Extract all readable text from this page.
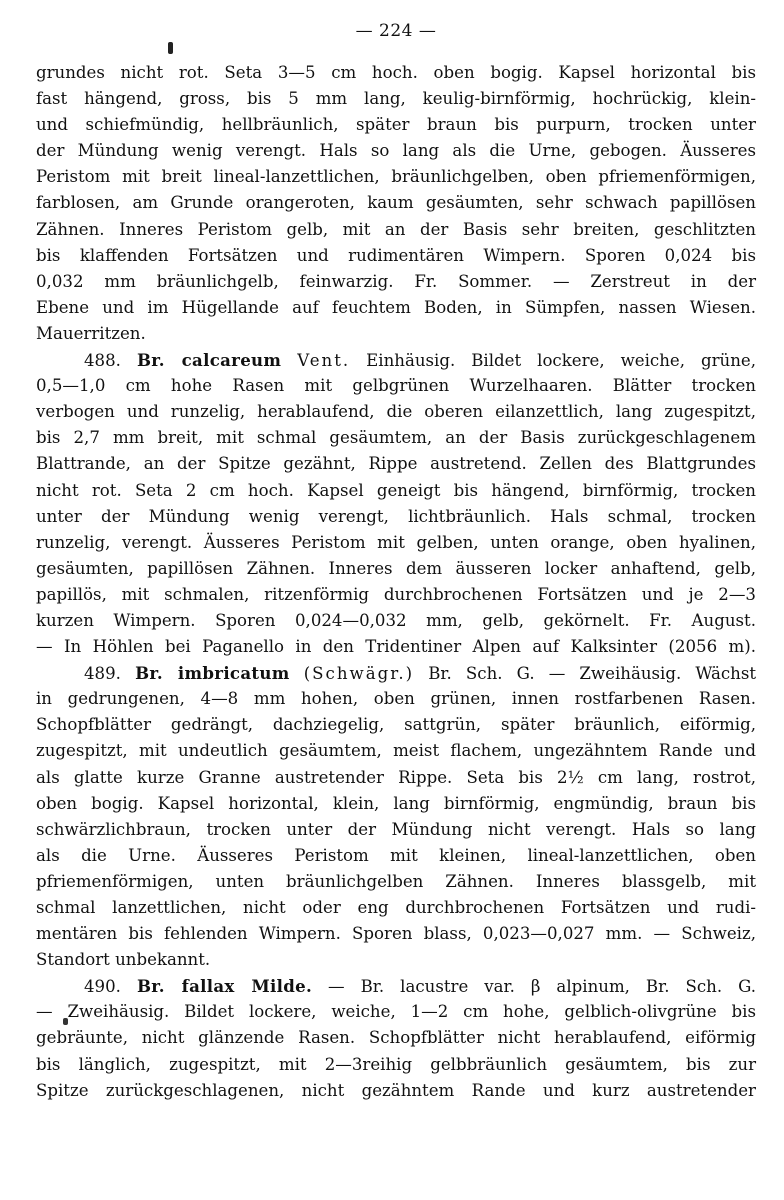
— 224 —
grundes nicht rot. Seta 3—5 cm hoch. oben bogig. Kapsel horizontal bis
fast hängend, gross, bis 5 mm lang, keulig-birnförmig, hochrückig, klein-
und schiefmündig, hellbräunlich, später braun bis purpurn, trocken unter
der Mündung wenig verengt. Hals so lang als die Urne, gebogen. Äusseres
Peristom mit breit lineal-lanzettlichen, bräunlichgelben, oben pfriemenförmigen,
farblosen, am Grunde orangeroten, kaum gesäumten, sehr schwach papillösen
Zähnen. Inneres Peristom gelb, mit an der Basis sehr breiten, geschlitzten
bis klaffenden Fortsätzen und rudimentären Wimpern. Sporen 0,024 bis
0,032 mm bräunlichgelb, feinwarzig. Fr. Sommer. — Zerstreut in der
Ebene und im Hügellande auf feuchtem Boden, in Sümpfen, nassen Wiesen.
Mauerritzen.
488. Br. calcareum Vent. Einhäusig. Bildet lockere, weiche, grüne,
0,5—1,0 cm hohe Rasen mit gelbgrünen Wurzelhaaren. Blätter trocken
verbogen und runzelig, herablaufend, die oberen eilanzettlich, lang zugespitzt,
bis 2,7 mm breit, mit schmal gesäumtem, an der Basis zurückgeschlagenem
Blattrande, an der Spitze gezähnt, Rippe austretend. Zellen des Blattgrundes
nicht rot. Seta 2 cm hoch. Kapsel geneigt bis hängend, birnförmig, trocken
unter der Mündung wenig verengt, lichtbräunlich. Hals schmal, trocken
runzelig, verengt. Äusseres Peristom mit gelben, unten orange, oben hyalinen,
gesäumten, papillösen Zähnen. Inneres dem äusseren locker anhaftend, gelb,
papillös, mit schmalen, ritzenförmig durchbrochenen Fortsätzen und je 2—3
kurzen Wimpern. Sporen 0,024—0,032 mm, gelb, gekörnelt. Fr. August.
— In Höhlen bei Paganello in den Tridentiner Alpen auf Kalksinter (2056 m).
489. Br. imbricatum (Schwägr.) Br. Sch. G. — Zweihäusig. Wächst
in gedrungenen, 4—8 mm hohen, oben grünen, innen rostfarbenen Rasen.
Schopfblätter gedrängt, dachziegelig, sattgrün, später bräunlich, eiförmig,
zugespitzt, mit undeutlich gesäumtem, meist flachem, ungezähntem Rande und
als glatte kurze Granne austretender Rippe. Seta bis 2½ cm lang, rostrot,
oben bogig. Kapsel horizontal, klein, lang birnförmig, engmündig, braun bis
schwärzlichbraun, trocken unter der Mündung nicht verengt. Hals so lang
als die Urne. Äusseres Peristom mit kleinen, lineal-lanzettlichen, oben
pfriemenförmigen, unten bräunlichgelben Zähnen. Inneres blassgelb, mit
schmal lanzettlichen, nicht oder eng durchbrochenen Fortsätzen und rudi-
mentären bis fehlenden Wimpern. Sporen blass, 0,023—0,027 mm. — Schweiz,
Standort unbekannt.
490. Br. fallax Milde. — Br. lacustre var. β alpinum, Br. Sch. G.
— Zweihäusig. Bildet lockere, weiche, 1—2 cm hohe, gelblich-olivgrüne bis
gebräunte, nicht glänzende Rasen. Schopfblätter nicht herablaufend, eiförmig
bis länglich, zugespitzt, mit 2—3reihig gelbbräunlich gesäumtem, bis zur
Spitze zurückgeschlagenen, nicht gezähntem Rande und kurz austretender
